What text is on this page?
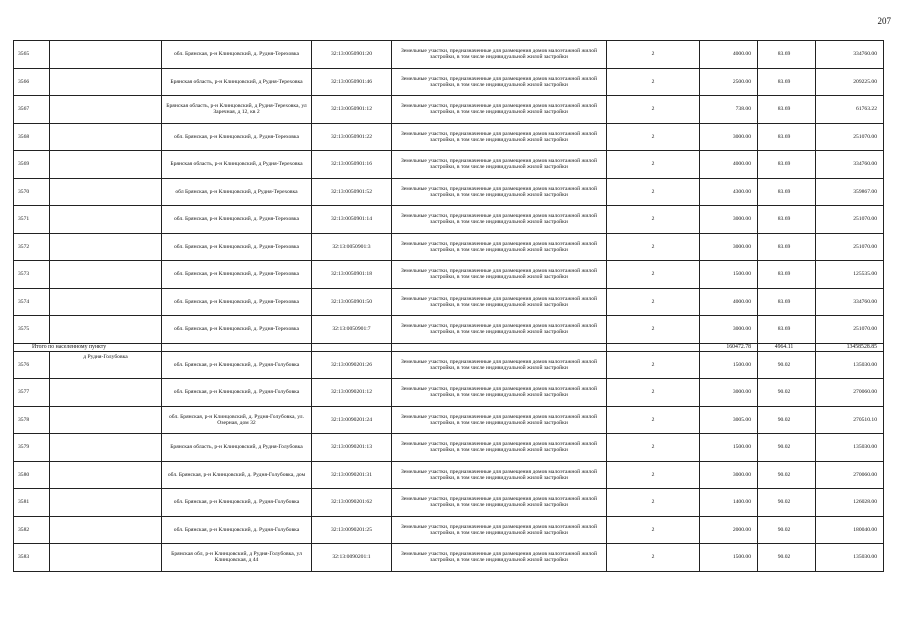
207
3565		обл. Брянская, р-н Клинцовский, д. Рудня-Тереховка	32:13:0050901:20	Земельные участки, предназначенные для размещения домов малоэтажной жилой застройки, в том числе индивидуальной жилой застройки	2	4000.00	83.69	334760.00
3566		Брянская область, р-н Клинцовский, д Рудня-Тереховка	32:13:0050901:46	Земельные участки, предназначенные для размещения домов малоэтажной жилой застройки, в том числе индивидуальной жилой застройки	2	2500.00	83.69	209225.00
3567		Брянская область, р-н Клинцовский, д Рудня-Тереховка, ул Заречная, д 12, кв 2	32:13:0050901:12	Земельные участки, предназначенные для размещения домов малоэтажной жилой застройки, в том числе индивидуальной жилой застройки	2	738.00	83.69	61763.22
3568		обл. Брянская, р-н Клинцовский, д. Рудня-Тереховка	32:13:0050901:22	Земельные участки, предназначенные для размещения домов малоэтажной жилой застройки, в том числе индивидуальной жилой застройки	2	3000.00	83.69	251070.00
3569		Брянская область, р-н Клинцовский, д Рудня-Тереховка	32:13:0050901:16	Земельные участки, предназначенные для размещения домов малоэтажной жилой застройки, в том числе индивидуальной жилой застройки	2	4000.00	83.69	334760.00
3570		обл Брянская, р-н Клинцовский, д Рудня-Тереховка	32:13:0050901:52	Земельные участки, предназначенные для размещения домов малоэтажной жилой застройки, в том числе индивидуальной жилой застройки	2	4300.00	83.69	359867.00
3571		обл. Брянская, р-н Клинцовский, д. Рудня-Тереховка	32:13:0050901:14	Земельные участки, предназначенные для размещения домов малоэтажной жилой застройки, в том числе индивидуальной жилой застройки	2	3000.00	83.69	251070.00
3572		обл. Брянская, р-н Клинцовский, д. Рудня-Тереховка	32:13:0050901:3	Земельные участки, предназначенные для размещения домов малоэтажной жилой застройки, в том числе индивидуальной жилой застройки	2	3000.00	83.69	251070.00
3573		обл. Брянская, р-н Клинцовский, д. Рудня-Тереховка	32:13:0050901:18	Земельные участки, предназначенные для размещения домов малоэтажной жилой застройки, в том числе индивидуальной жилой застройки	2	1500.00	83.69	125535.00
3574		обл. Брянская, р-н Клинцовский, д. Рудня-Тереховка	32:13:0050901:50	Земельные участки, предназначенные для размещения домов малоэтажной жилой застройки, в том числе индивидуальной жилой застройки	2	4000.00	83.69	334760.00
3575		обл. Брянская, р-н Клинцовский, д. Рудня-Тереховка	32:13:0050901:7	Земельные участки, предназначенные для размещения домов малоэтажной жилой застройки, в том числе индивидуальной жилой застройки	2	3000.00	83.69	251070.00
Итого по населенному пункту						160472.78	4964.11	13458528.85
3576	д Рудня-Голубовка	обл. Брянская, р-н Клинцовский, д. Рудня-Голубовка	32:13:0090201:26	Земельные участки, предназначенные для размещения домов малоэтажной жилой застройки, в том числе индивидуальной жилой застройки	2	1500.00	90.02	135030.00
3577		обл. Брянская, р-н Клинцовский, д. Рудня-Голубовка	32:13:0090201:12	Земельные участки, предназначенные для размещения домов малоэтажной жилой застройки, в том числе индивидуальной жилой застройки	2	3000.00	90.02	270060.00
3578		обл. Брянская, р-н Клинцовский, д. Рудня-Голубовка, ул. Озерная, дом 32	32:13:0090201:24	Земельные участки, предназначенные для размещения домов малоэтажной жилой застройки, в том числе индивидуальной жилой застройки	2	3005.00	90.02	270510.10
3579		Брянская область, р-н Клинцовский, д Рудня-Голубовка	32:13:0090201:13	Земельные участки, предназначенные для размещения домов малоэтажной жилой застройки, в том числе индивидуальной жилой застройки	2	1500.00	90.02	135030.00
3580		обл. Брянская, р-н Клинцовский, д. Рудня-Голубовка, дом	32:13:0090201:31	Земельные участки, предназначенные для размещения домов малоэтажной жилой застройки, в том числе индивидуальной жилой застройки	2	3000.00	90.02	270060.00
3581		обл. Брянская, р-н Клинцовский, д. Рудня-Голубовка	32:13:0090201:62	Земельные участки, предназначенные для размещения домов малоэтажной жилой застройки, в том числе индивидуальной жилой застройки	2	1400.00	90.02	126028.00
3582		обл. Брянская, р-н Клинцовский, д. Рудня-Голубовка	32:13:0090201:25	Земельные участки, предназначенные для размещения домов малоэтажной жилой застройки, в том числе индивидуальной жилой застройки	2	2000.00	90.02	180040.00
3583		Брянская обл, р-н Клинцовский, д Рудня-Голубовка, ул Клинцовская, д 44	32:13:0090201:1	Земельные участки, предназначенные для размещения домов малоэтажной жилой застройки, в том числе индивидуальной жилой застройки	2	1500.00	90.02	135030.00
